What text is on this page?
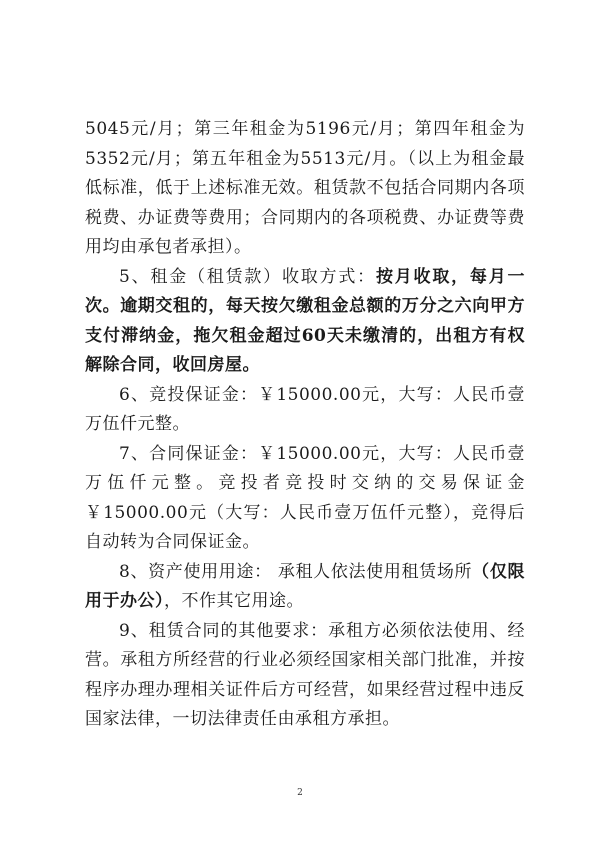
5045元/月；第三年租金为5196元/月；第四年租金为5352元/月；第五年租金为5513元/月。（以上为租金最低标准，低于上述标准无效。租赁款不包括合同期内各项税费、办证费等费用；合同期内的各项税费、办证费等费用均由承包者承担）。

5、租金（租赁款）收取方式：按月收取，每月一次。逾期交租的，每天按欠缴租金总额的万分之六向甲方支付滞纳金，拖欠租金超过60天未缴清的，出租方有权解除合同，收回房屋。

6、竞投保证金：￥15000.00元，大写：人民币壹万伍仟元整。

7、合同保证金：￥15000.00元，大写：人民币壹万伍仟元整。竞投者竞投时交纳的交易保证金￥15000.00元（大写：人民币壹万伍仟元整），竞得后自动转为合同保证金。

8、资产使用用途： 承租人依法使用租赁场所（仅限用于办公），不作其它用途。

9、租赁合同的其他要求：承租方必须依法使用、经营。承租方所经营的行业必须经国家相关部门批准，并按程序办理办理相关证件后方可经营，如果经营过程中违反国家法律，一切法律责任由承租方承担。

2
